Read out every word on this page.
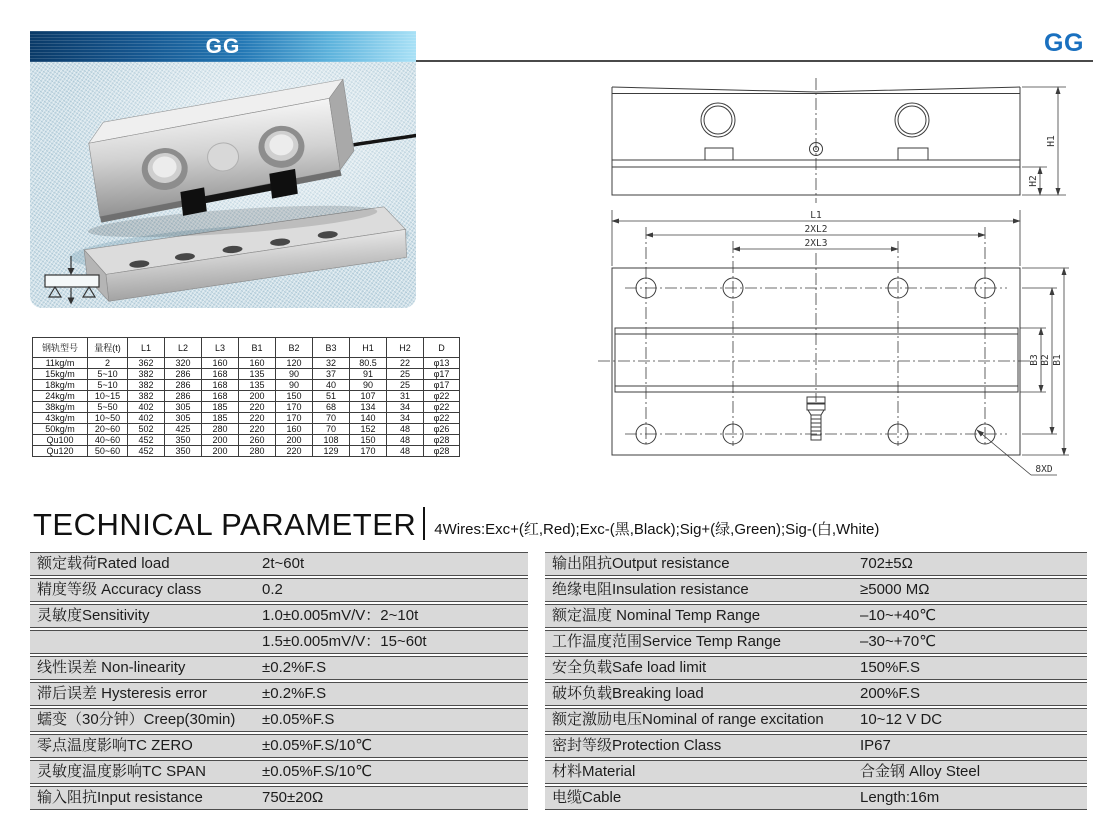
GG	GG
钢轨型号	量程(t)	L1	L2	L3	B1	B2	B3	H1	H2	D
11kg/m	2	362	320	160	160	120	32	80.5	22	φ13
15kg/m	5~10	382	286	168	135	90	37	91	25	φ17
18kg/m	5~10	382	286	168	135	90	40	90	25	φ17
24kg/m	10~15	382	286	168	200	150	51	107	31	φ22
38kg/m	5~50	402	305	185	220	170	68	134	34	φ22
43kg/m	10~50	402	305	185	220	170	70	140	34	φ22
50kg/m	20~60	502	425	280	220	160	70	152	48	φ26
Qu100	40~60	452	350	200	260	200	108	150	48	φ28
Qu120	50~60	452	350	200	280	220	129	170	48	φ28
H1
H2
L1
2XL2
2XL3
B3 B2 B1
8XD
TECHNICAL PARAMETER 4Wires:Exc+(红,Red);Exc-(黑,Black);Sig+(绿,Green);Sig-(白,White)
额定载荷Rated load	2t~60t
精度等级 Accuracy class	0.2
灵敏度Sensitivity	1.0±0.005mV/V：2~10t
1.5±0.005mV/V：15~60t
线性误差 Non-linearity	±0.2%F.S
滞后误差 Hysteresis error	±0.2%F.S
蠕变（30分钟）Creep(30min)	±0.05%F.S
零点温度影响TC ZERO	±0.05%F.S/10℃
灵敏度温度影响TC SPAN	±0.05%F.S/10℃
输入阻抗Input resistance	750±20Ω
输出阻抗Output resistance	702±5Ω
绝缘电阻Insulation resistance	≥5000 MΩ
额定温度 Nominal Temp Range	–10~+40℃
工作温度范围Service Temp Range	–30~+70℃
安全负载Safe load limit	150%F.S
破坏负载Breaking load	200%F.S
额定激励电压Nominal of range excitation	10~12 V DC
密封等级Protection Class	IP67
材料Material	合金钢 Alloy Steel
电缆Cable	Length:16m
